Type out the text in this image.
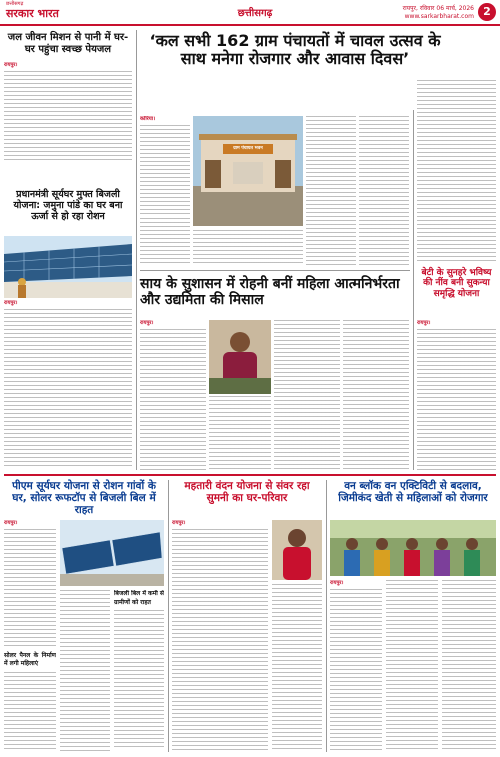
छत्तीसगढ़
सरकार भारत	छत्तीसगढ़	रायपुर, रविवार 06 मार्च, 2026
www.sarkarbharat.com 2
जल जीवन मिशन से पानी में घर-घर पहुंचा स्वच्छ पेयजल
रायपुर।
प्रधानमंत्री सूर्यघर मुफ्त बिजली योजना: जमुना पांडे का घर बना ऊर्जा से हो रहा रोशन
रायपुर।
‘कल सभी 162 ग्राम पंचायतों में चावल उत्सव के साथ मनेगा रोजगार और आवास दिवस’
कोरिया।
ग्राम पंचायत भवन
साय के सुशासन में रोहनी बनीं महिला आत्मनिर्भरता और उद्यमिता की मिसाल
रायपुर।
बेटी के सुनहरे भविष्य की नींव बनी सुकन्या समृद्धि योजना
रायपुर।
पीएम सूर्यघर योजना से रोशन गांवों के घर, सोलर रूफटॉप से बिजली बिल में राहत
रायपुर।
सोलर पैनल के निर्माण में लगी महिलाएं
बिजली बिल में कमी से ग्रामीणों को राहत
महतारी वंदन योजना से संवर रहा सुमनी का घर-परिवार
रायपुर।
वन ब्लॉक वन एक्टिविटी से बदलाव, जिमीकंद खेती से महिलाओं को रोजगार
रायपुर।
